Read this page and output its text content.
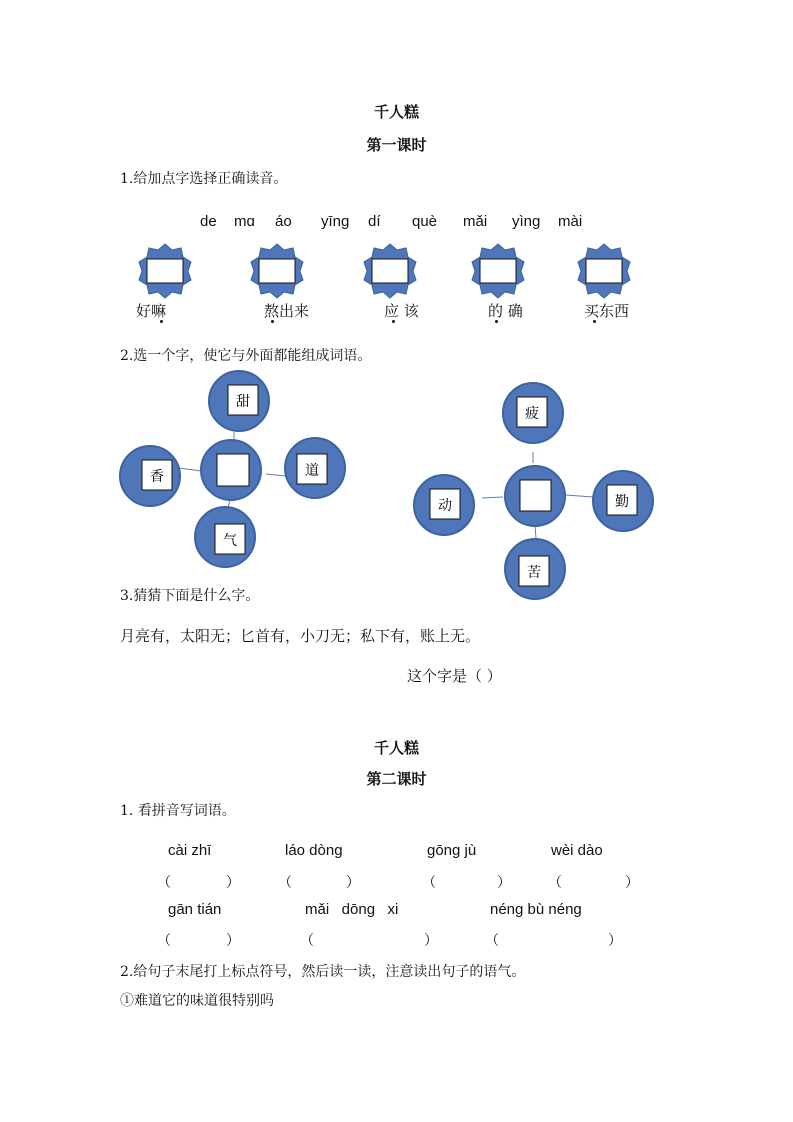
千人糕
第一课时
1.给加点字选择正确读音。
de mɑ áo yīng dí què mǎi yìng mài
好嘛	熬出来	应 该	的 确	买东西
2.选一个字，使它与外面都能组成词语。
甜
香	道
气
疲
动	勤
苦
3.猜猜下面是什么字。
月亮有，太阳无；匕首有，小刀无；私下有，账上无。
这个字是（ ）
千人糕
第二课时
1. 看拼音写词语。
cài zhī	láo dòng	gōng jù	wèi dào
（	）	（	）	（	）	（	）
gān tián	mǎi   dōng   xi	néng bù néng
（	）	（	）	（	）
2.给句子末尾打上标点符号，然后读一读，注意读出句子的语气。
①难道它的味道很特别吗
